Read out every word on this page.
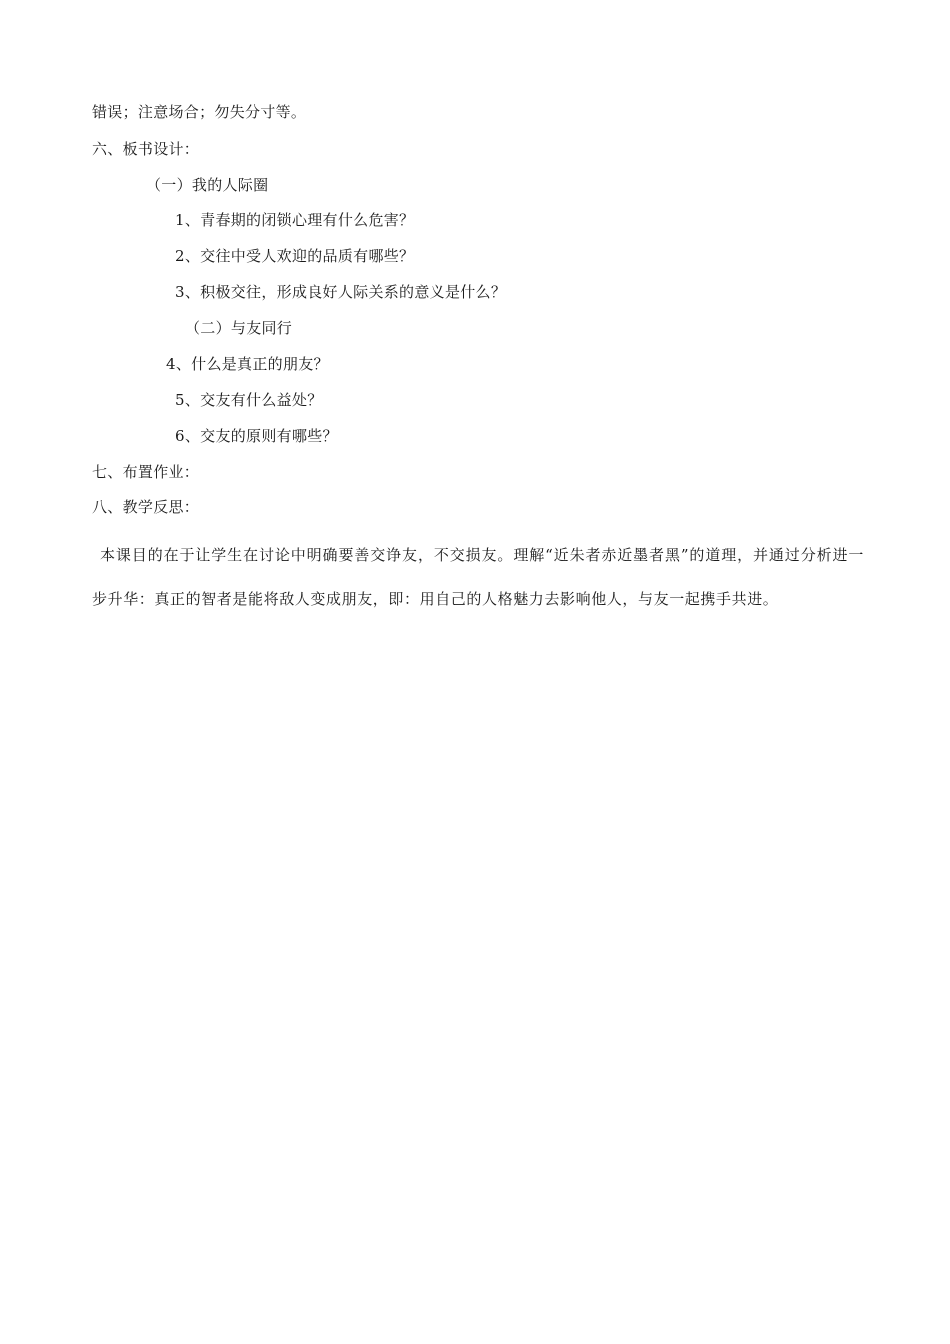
错误；注意场合；勿失分寸等。
六、板书设计：
（一）我的人际圈
1、青春期的闭锁心理有什么危害？
2、交往中受人欢迎的品质有哪些？
3、积极交往，形成良好人际关系的意义是什么？
（二）与友同行
4、什么是真正的朋友？
5、交友有什么益处？
6、交友的原则有哪些？
七、布置作业：
八、教学反思：
本课目的在于让学生在讨论中明确要善交诤友，不交损友。理解“近朱者赤近墨者黑”的道理，并通过分析进一步升华：真正的智者是能将敌人变成朋友，即：用自己的人格魅力去影响他人，与友一起携手共进。
